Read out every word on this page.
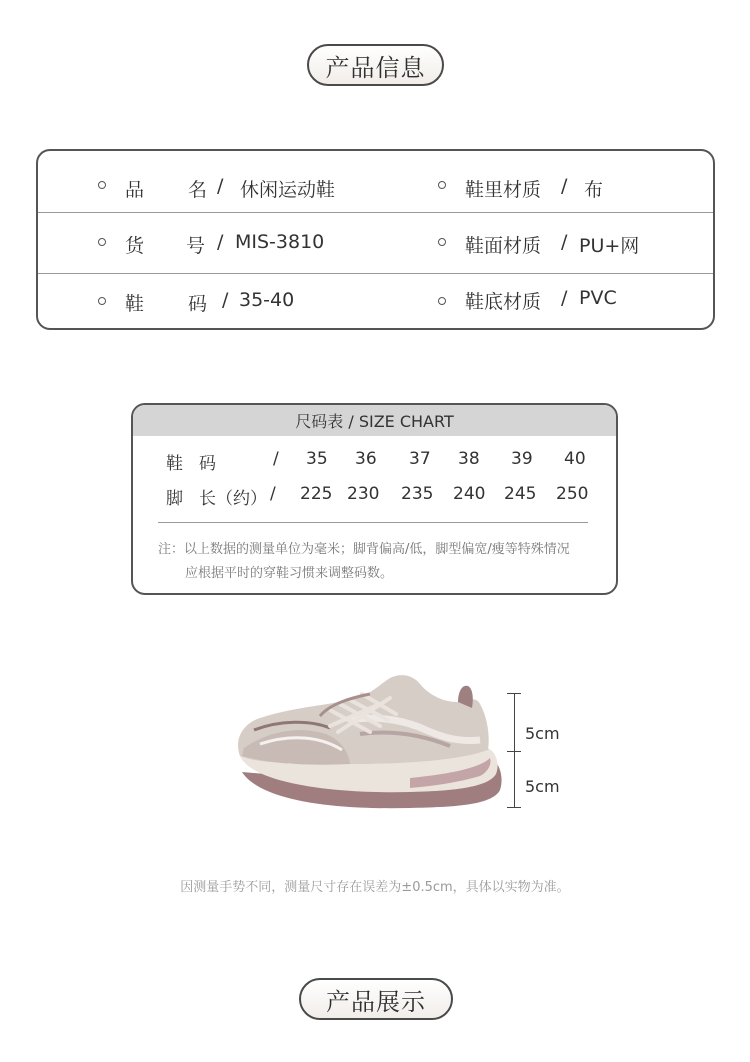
产品信息
品 名 / 休闲运动鞋	鞋里材质 / 布
货 号 / MIS-3810	鞋面材质 / PU+网
鞋 码 / 35-40	鞋底材质 / PVC
尺码表 / SIZE CHART
鞋 码	/ 35 36 37 38 39 40
脚 长（约） / 225 230 235 240 245 250
注：以上数据的测量单位为毫米；脚背偏高/低，脚型偏宽/瘦等特殊情况
应根据平时的穿鞋习惯来调整码数。
5cm
5cm
因测量手势不同，测量尺寸存在误差为±0.5cm，具体以实物为准。
产品展示
